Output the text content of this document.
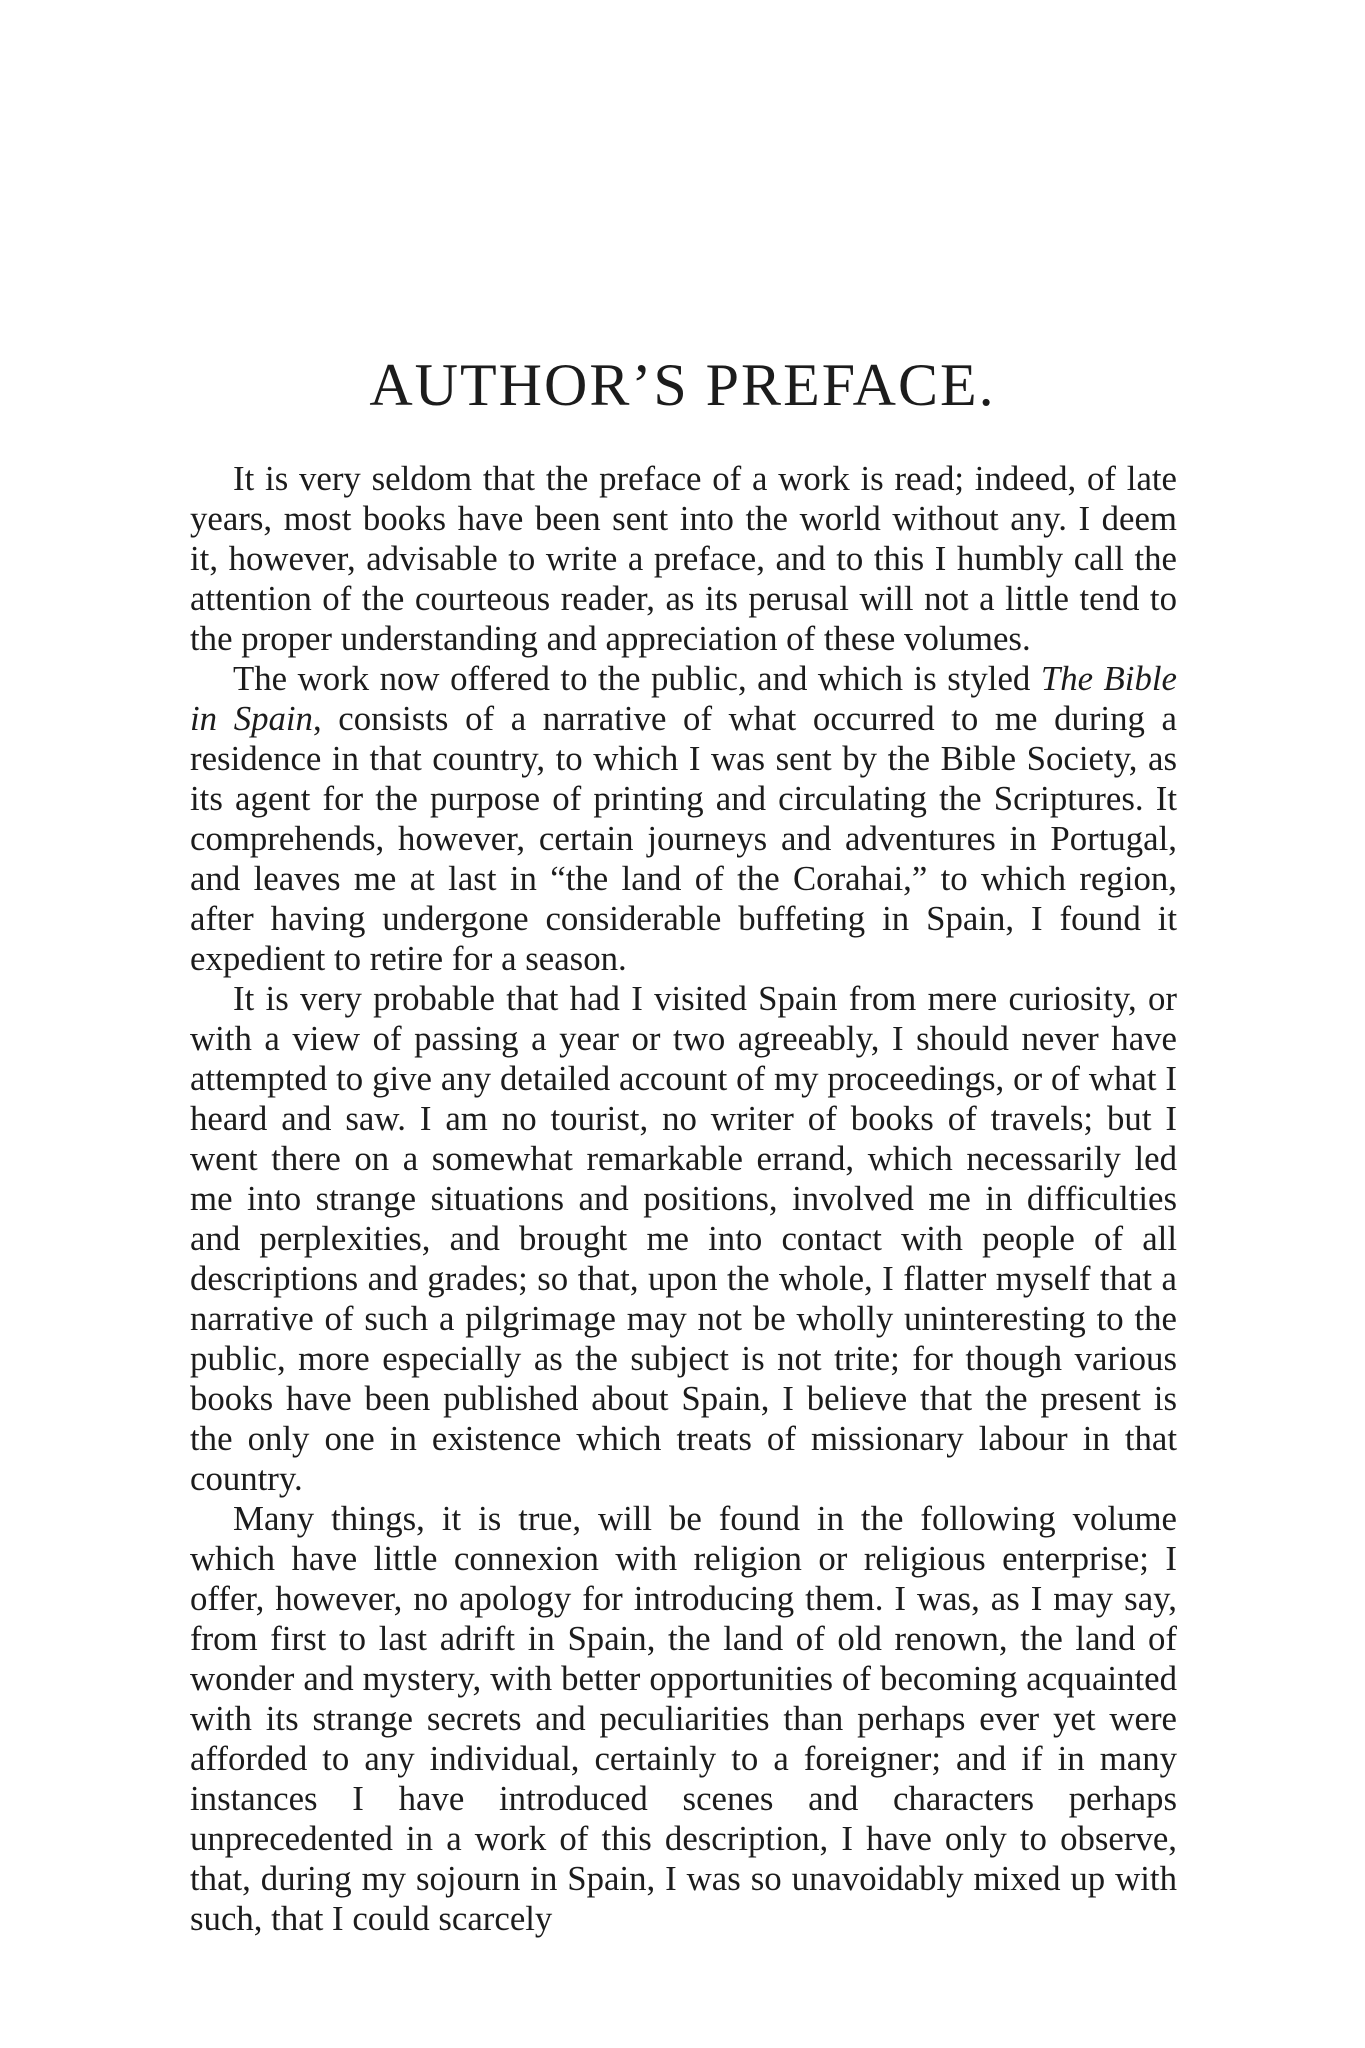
AUTHOR’S PREFACE.

It is very seldom that the preface of a work is read; indeed, of late years, most books have been sent into the world without any. I deem it, however, advisable to write a preface, and to this I humbly call the attention of the courteous reader, as its perusal will not a little tend to the proper understanding and appreciation of these volumes.

The work now offered to the public, and which is styled The Bible in Spain, consists of a narrative of what occurred to me during a residence in that country, to which I was sent by the Bible Society, as its agent for the purpose of printing and circulating the Scriptures. It comprehends, however, certain journeys and adventures in Portugal, and leaves me at last in “the land of the Corahai,” to which region, after having undergone considerable buffeting in Spain, I found it expedient to retire for a season.

It is very probable that had I visited Spain from mere curiosity, or with a view of passing a year or two agreeably, I should never have attempted to give any detailed account of my proceedings, or of what I heard and saw. I am no tourist, no writer of books of travels; but I went there on a somewhat remarkable errand, which necessarily led me into strange situations and positions, involved me in difficulties and perplexities, and brought me into contact with people of all descriptions and grades; so that, upon the whole, I flatter myself that a narrative of such a pilgrimage may not be wholly uninteresting to the public, more especially as the subject is not trite; for though various books have been published about Spain, I believe that the present is the only one in existence which treats of missionary labour in that country.

Many things, it is true, will be found in the following volume which have little connexion with religion or religious enterprise; I offer, however, no apology for introducing them. I was, as I may say, from first to last adrift in Spain, the land of old renown, the land of wonder and mystery, with better opportunities of becoming acquainted with its strange secrets and peculiarities than perhaps ever yet were afforded to any individual, certainly to a foreigner; and if in many instances I have introduced scenes and characters perhaps unprecedented in a work of this description, I have only to observe, that, during my sojourn in Spain, I was so unavoidably mixed up with such, that I could scarcely
